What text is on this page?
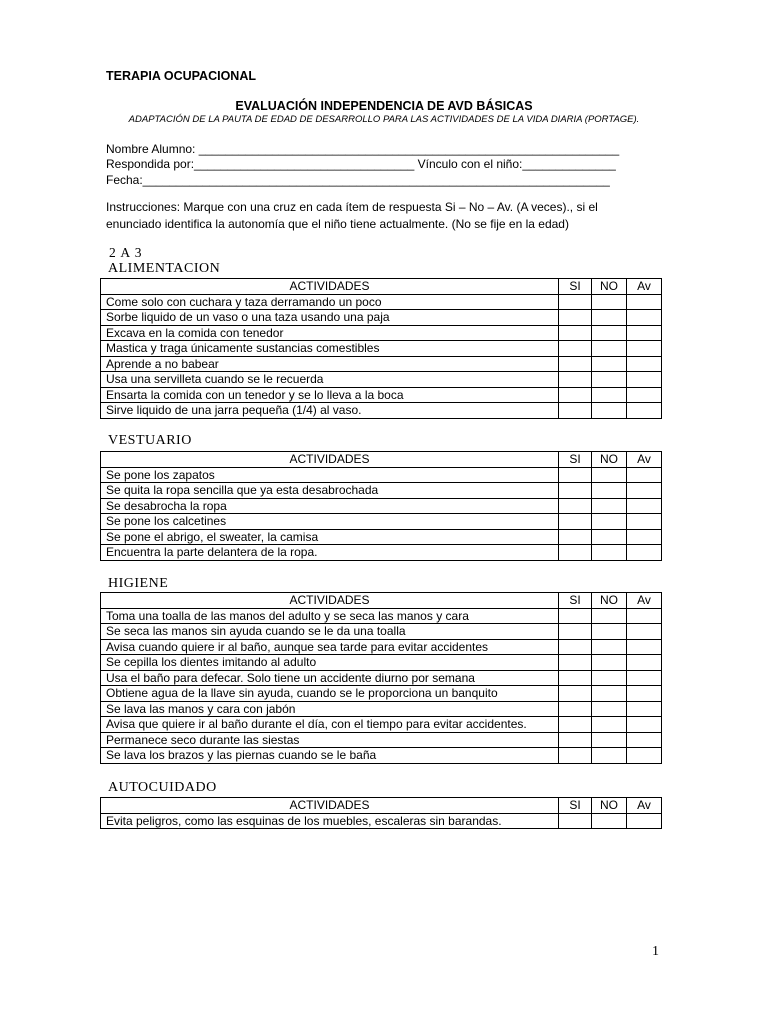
TERAPIA OCUPACIONAL
EVALUACIÓN INDEPENDENCIA DE AVD BÁSICAS
ADAPTACIÓN DE LA PAUTA DE EDAD DE DESARROLLO PARA LAS ACTIVIDADES DE LA VIDA DIARIA (PORTAGE).
Nombre Alumno: _______________________________________________________________
Respondida por:_________________________________ Vínculo con el niño:______________
Fecha:______________________________________________________________________
Instrucciones: Marque con una cruz en cada ítem de respuesta Si – No – Av. (A veces)., si el
enunciado identifica la autonomía que el niño tiene actualmente. (No se fije en la edad)
2 A 3
ALIMENTACION
ACTIVIDADES	SI	NO	Av
Come solo con cuchara y taza derramando un poco			
Sorbe liquido de un vaso o una taza usando una paja			
Excava en la comida con tenedor			
Mastica y traga únicamente sustancias comestibles			
Aprende a no babear			
Usa una servilleta cuando se le recuerda			
Ensarta la comida con un tenedor y se lo lleva a la boca			
Sirve liquido de una jarra pequeña (1/4) al vaso.			
VESTUARIO
ACTIVIDADES	SI	NO	Av
Se pone los zapatos			
Se quita la ropa sencilla que ya esta desabrochada			
Se desabrocha la ropa			
Se pone los calcetines			
Se pone el abrigo, el sweater, la camisa			
Encuentra la parte delantera de la ropa.			
HIGIENE
ACTIVIDADES	SI	NO	Av
Toma una toalla de las manos del adulto y se seca las manos y cara			
Se seca las manos sin ayuda cuando se le da una toalla			
Avisa cuando quiere ir al baño, aunque sea tarde para evitar accidentes			
Se cepilla los dientes imitando al adulto			
Usa el baño para defecar. Solo tiene un accidente diurno por semana			
Obtiene agua de la llave sin ayuda, cuando se le proporciona un banquito			
Se lava las manos y cara con jabón			
Avisa que quiere ir al baño durante el día, con el tiempo para evitar accidentes.			
Permanece seco durante las siestas			
Se lava los brazos y las piernas cuando se le baña			
AUTOCUIDADO
ACTIVIDADES	SI	NO	Av
Evita peligros, como las esquinas de los muebles, escaleras sin barandas.			
1
